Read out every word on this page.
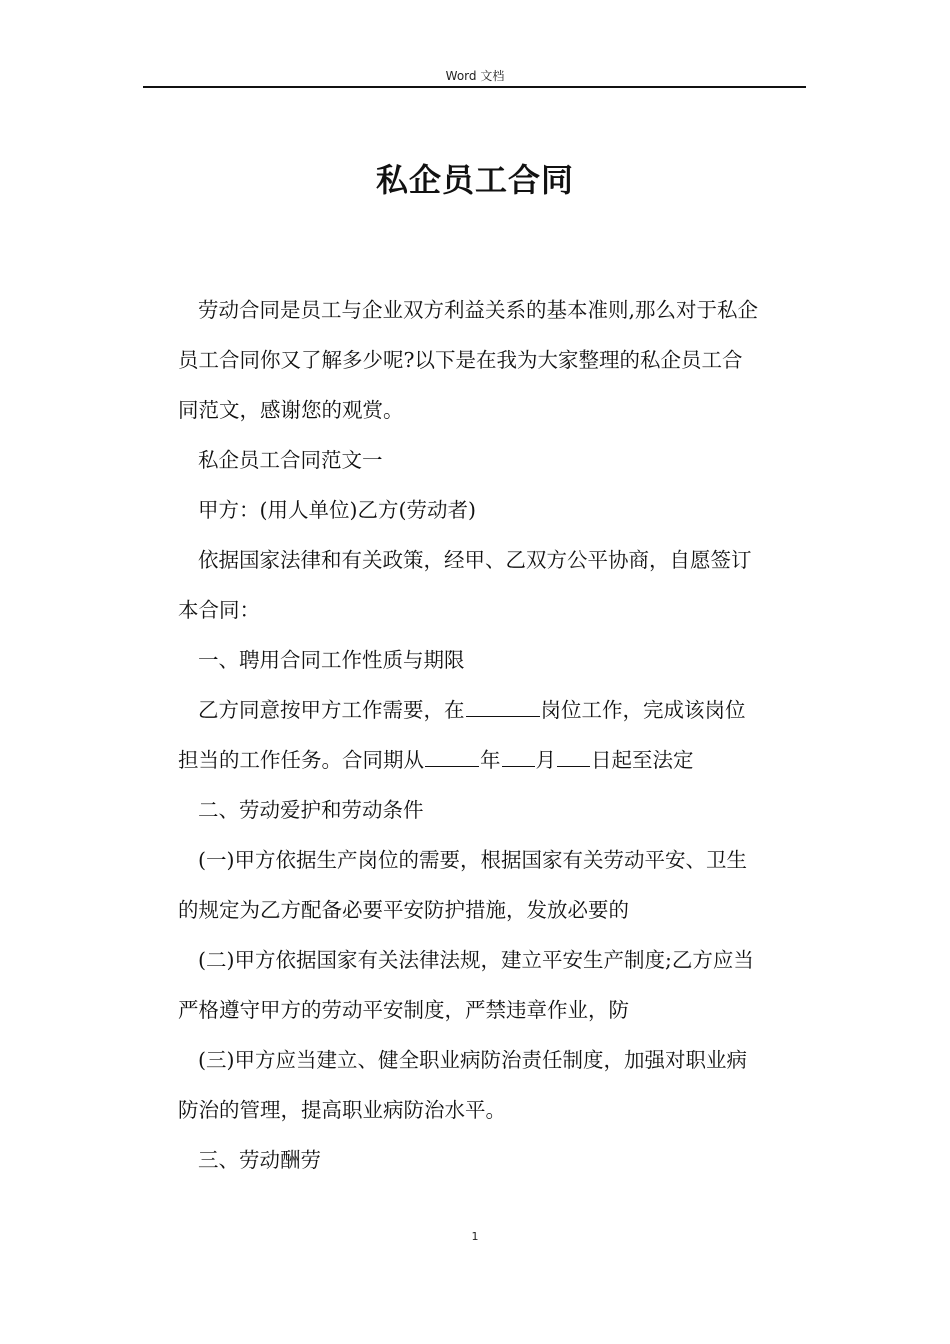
Word 文档
私企员工合同

劳动合同是员工与企业双方利益关系的基本准则,那么对于私企
员工合同你又了解多少呢?以下是在我为大家整理的私企员工合
同范文，感谢您的观赏。

私企员工合同范文一

甲方：(用人单位)乙方(劳动者)

依据国家法律和有关政策，经甲、乙双方公平协商，自愿签订
本合同：

一、聘用合同工作性质与期限

乙方同意按甲方工作需要，在	岗位工作，完成该岗位
担当的工作任务。合同期从	年 月 日起至法定

二、劳动爱护和劳动条件

(一)甲方依据生产岗位的需要，根据国家有关劳动平安、卫生
的规定为乙方配备必要平安防护措施，发放必要的

(二)甲方依据国家有关法律法规，建立平安生产制度;乙方应当
严格遵守甲方的劳动平安制度，严禁违章作业，防

(三)甲方应当建立、健全职业病防治责任制度，加强对职业病
防治的管理，提高职业病防治水平。

三、劳动酬劳

1
